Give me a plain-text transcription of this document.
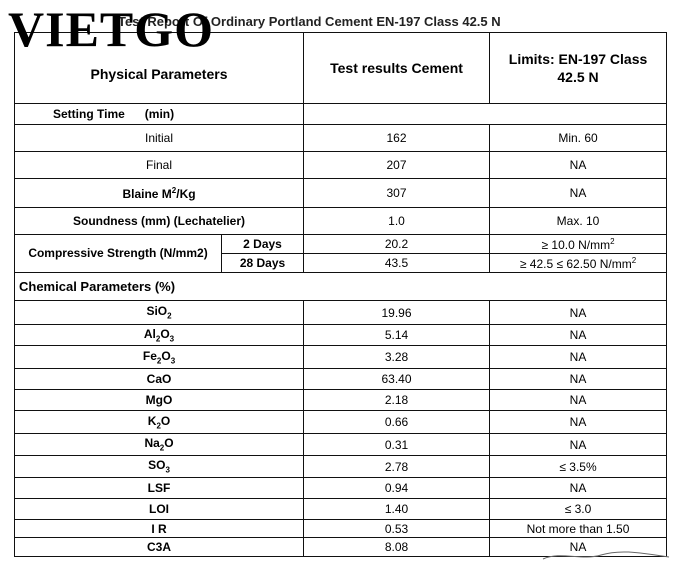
VIETGO
Test Report Of Ordinary Portland Cement EN-197 Class 42.5 N
Physical Parameters		Test results Cement	Limits: EN-197 Class 42.5 N
Setting Time      (min)			
Initial		162	Min. 60
Final		207	NA
Blaine $M^2/Kg$		307	NA
Soundness (mm) (Lechatelier)		1.0	Max. 10
Compressive Strength (N/mm2)	2 Days	20.2	≥ 10.0 $N/mm^2$
	28 Days	43.5	≥ 42.5 ≤ 62.50 $N/mm^2$
Chemical Parameters (%)			
SiO$_2$		19.96	NA
$Al_2O_3$		5.14	NA
$Fe_2O_3$		3.28	NA
CaO		63.40	NA
MgO		2.18	NA
$K_2O$		0.66	NA
$Na_2O$		0.31	NA
$SO_3$		2.78	≤ 3.5%
LSF		0.94	NA
LOI		1.40	≤ 3.0
I R		0.53	Not more than 1.50
C3A		8.08	NA
